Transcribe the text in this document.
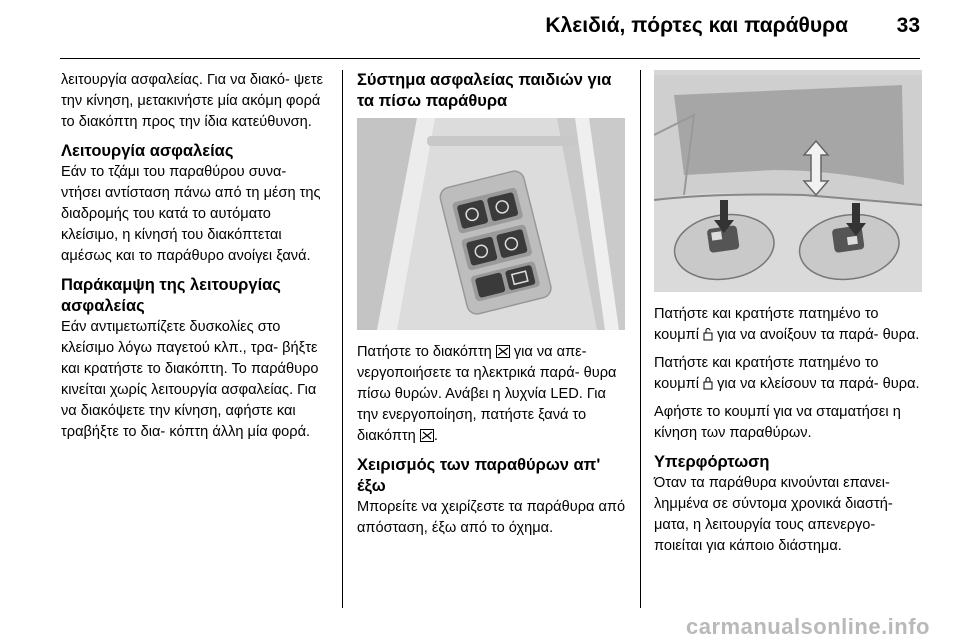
Κλειδιά, πόρτες και παράθυρα 33

λειτουργία ασφαλείας. Για να διακό- ψετε την κίνηση, μετακινήστε μία ακόμη φορά το διακόπτη προς την ίδια κατεύθυνση.

Λειτουργία ασφαλείας

Εάν το τζάμι του παραθύρου συνα- ντήσει αντίσταση πάνω από τη μέση της διαδρομής του κατά το αυτόματο κλείσιμο, η κίνησή του διακόπτεται αμέσως και το παράθυρο ανοίγει ξανά.

Παράκαμψη της λειτουργίας ασφαλείας

Εάν αντιμετωπίζετε δυσκολίες στο κλείσιμο λόγω παγετού κλπ., τρα- βήξτε και κρατήστε το διακόπτη. Το παράθυρο κινείται χωρίς λειτουργία ασφαλείας. Για να διακόψετε την κίνηση, αφήστε και τραβήξτε το δια- κόπτη άλλη μία φορά.

Σύστημα ασφαλείας παιδιών για τα πίσω παράθυρα

Πατήστε το διακόπτη για να απε- νεργοποιήσετε τα ηλεκτρικά παρά- θυρα πίσω θυρών. Ανάβει η λυχνία LED. Για την ενεργοποίηση, πατήστε ξανά το διακόπτη .

Χειρισμός των παραθύρων απ' έξω

Μπορείτε να χειρίζεστε τα παράθυρα από απόσταση, έξω από το όχημα.

Πατήστε και κρατήστε πατημένο το κουμπί για να ανοίξουν τα παρά- θυρα.

Πατήστε και κρατήστε πατημένο το κουμπί για να κλείσουν τα παρά- θυρα.

Αφήστε το κουμπί για να σταματήσει η κίνηση των παραθύρων.

Υπερφόρτωση

Όταν τα παράθυρα κινούνται επανει- λημμένα σε σύντομα χρονικά διαστή- ματα, η λειτουργία τους απενεργο- ποιείται για κάποιο διάστημα.

carmanualsonline.info
